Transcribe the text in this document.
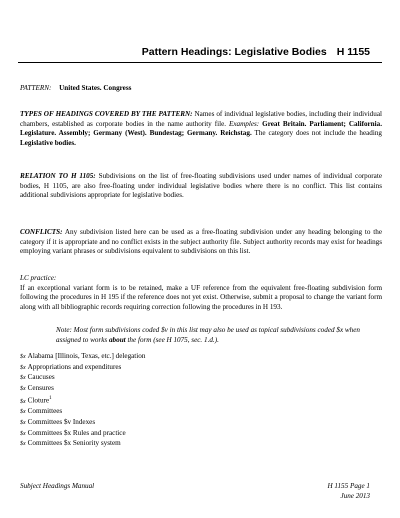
Pattern Headings: Legislative Bodies H 1155
PATTERN: United States. Congress
TYPES OF HEADINGS COVERED BY THE PATTERN: Names of individual legislative bodies, including their individual chambers, established as corporate bodies in the name authority file. Examples: Great Britain. Parliament; California. Legislature. Assembly; Germany (West). Bundestag; Germany. Reichstag. The category does not include the heading Legislative bodies.
RELATION TO H 1105: Subdivisions on the list of free-floating subdivisions used under names of individual corporate bodies, H 1105, are also free-floating under individual legislative bodies where there is no conflict. This list contains additional subdivisions appropriate for legislative bodies.
CONFLICTS: Any subdivision listed here can be used as a free-floating subdivision under any heading belonging to the category if it is appropriate and no conflict exists in the subject authority file. Subject authority records may exist for headings employing variant phrases or subdivisions equivalent to subdivisions on this list.
LC practice:
If an exceptional variant form is to be retained, make a UF reference from the equivalent free-floating subdivision form following the procedures in H 195 if the reference does not yet exist. Otherwise, submit a proposal to change the variant form along with all bibliographic records requiring correction following the procedures in H 193.
Note: Most form subdivisions coded $v in this list may also be used as topical subdivisions coded $x when assigned to works about the form (see H 1075, sec. 1.d.).
$x Alabama [Illinois, Texas, etc.] delegation
$x Appropriations and expenditures
$x Caucuses
$x Censures
$x Cloture$^1$
$x Committees
$x Committees $v Indexes
$x Committees $x Rules and practice
$x Committees $x Seniority system
Subject Headings Manual	H 1155 Page 1
June 2013
